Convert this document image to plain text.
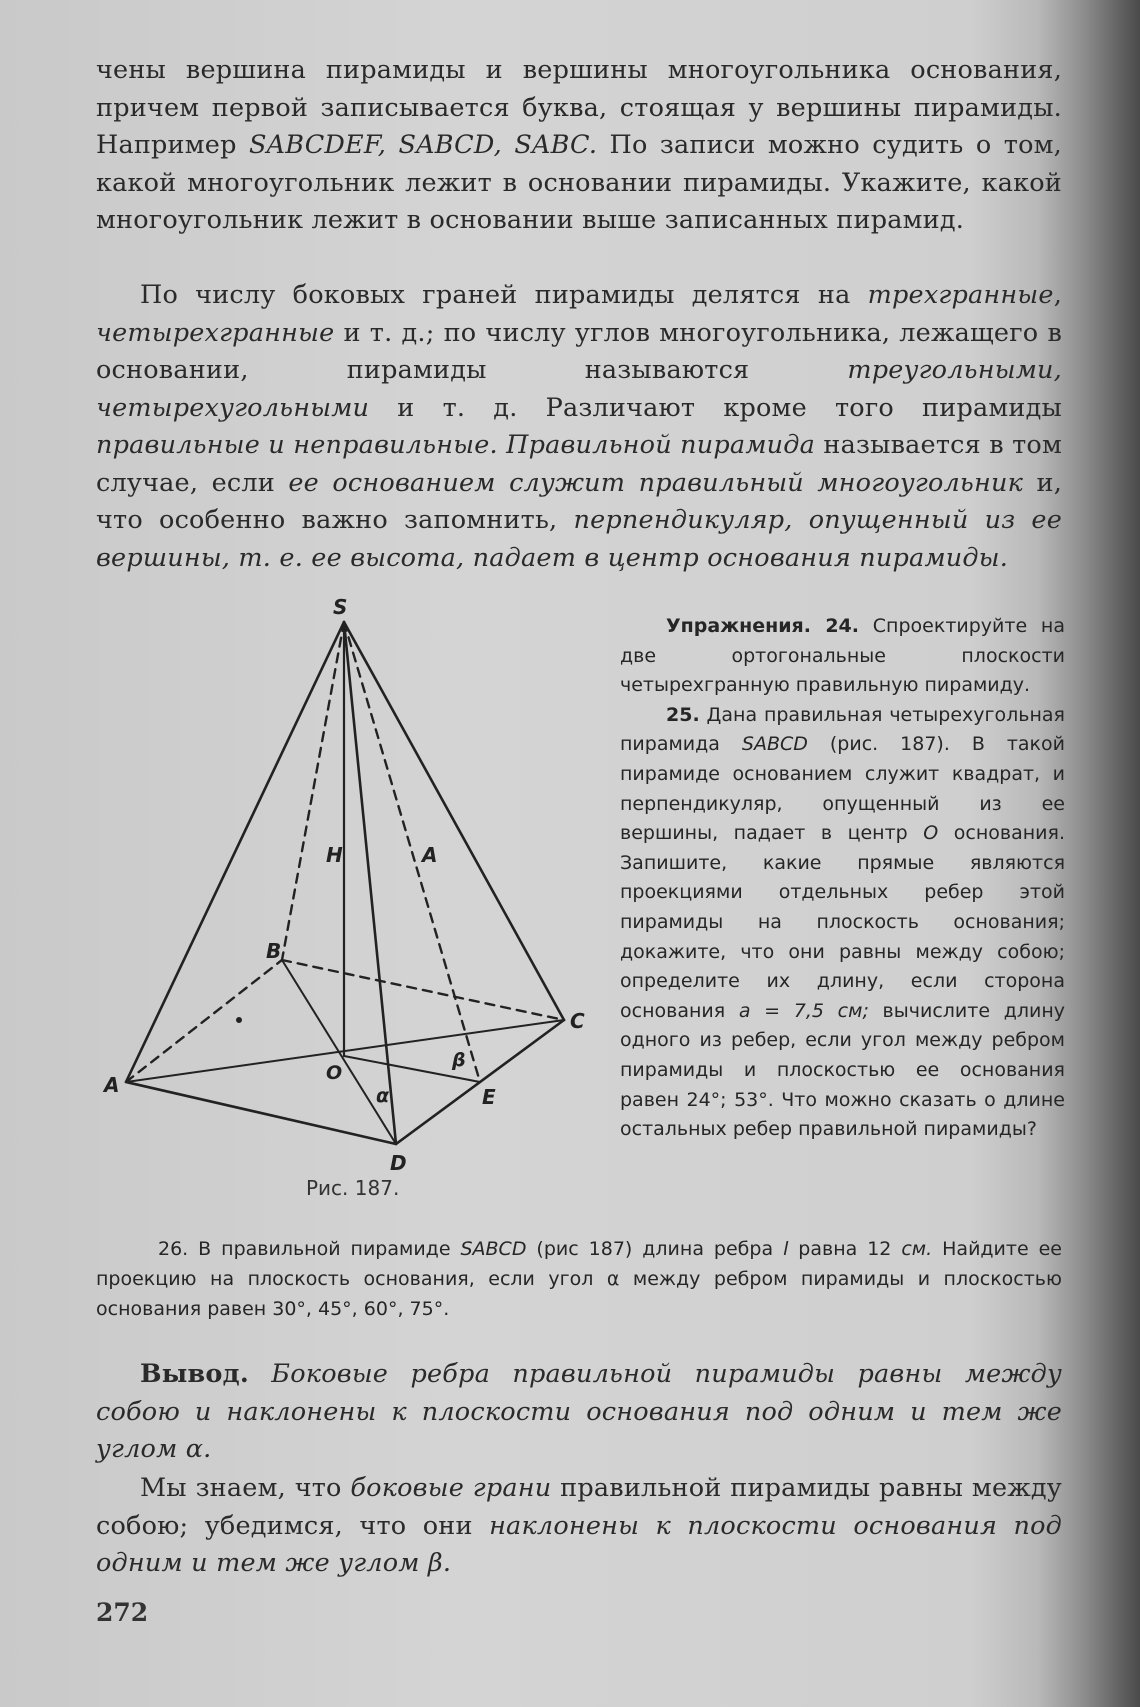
чены вершина пирамиды и вершины многоугольника основания, причем первой записывается буква, стоящая у вершины пирамиды. Например SABCDEF, SABCD, SABC. По записи можно судить о том, какой многоугольник лежит в основании пирамиды. Укажите, какой многоугольник лежит в основании выше записанных пирамид.

По числу боковых граней пирамиды делятся на трехгранные, четырехгранные и т. д.; по числу углов многоугольника, лежащего в основании, пирамиды называются треугольными, четырехугольными и т. д. Различают кроме того пирамиды правильные и неправильные. Правильной пирамида называется в том случае, если ее основанием служит правильный многоугольник и, что особенно важно запомнить, перпендикуляр, опущенный из ее вершины, т. е. ее высота, падает в центр основания пирамиды.

S
A
B
C
D
E
O
H	A
α
β
Рис. 187.

Упражнения. 24. Спроектируйте на две ортогональные плоскости четырехгранную правильную пирамиду.

25. Дана правильная четырехугольная пирамида SABCD (рис. 187). В такой пирамиде основанием служит квадрат, и перпендикуляр, опущенный из ее вершины, падает в центр O основания. Запишите, какие прямые являются проекциями отдельных ребер этой пирамиды на плоскость основания; докажите, что они равны между собою; определите их длину, если сторона основания a = 7,5 см; вычислите длину одного из ребер, если угол между ребром пирамиды и плоскостью ее основания равен 24°; 53°. Что можно сказать о длине остальных ребер правильной пирамиды?

26. В правильной пирамиде SABCD (рис 187) длина ребра l равна 12 см. Найдите ее проекцию на плоскость основания, если угол α между ребром пирамиды и плоскостью основания равен 30°, 45°, 60°, 75°.

Вывод. Боковые ребра правильной пирамиды равны между собою и наклонены к плоскости основания под одним и тем же углом α.

Мы знаем, что боковые грани правильной пирамиды равны между собою; убедимся, что они наклонены к плоскости основания под одним и тем же углом β.

272
